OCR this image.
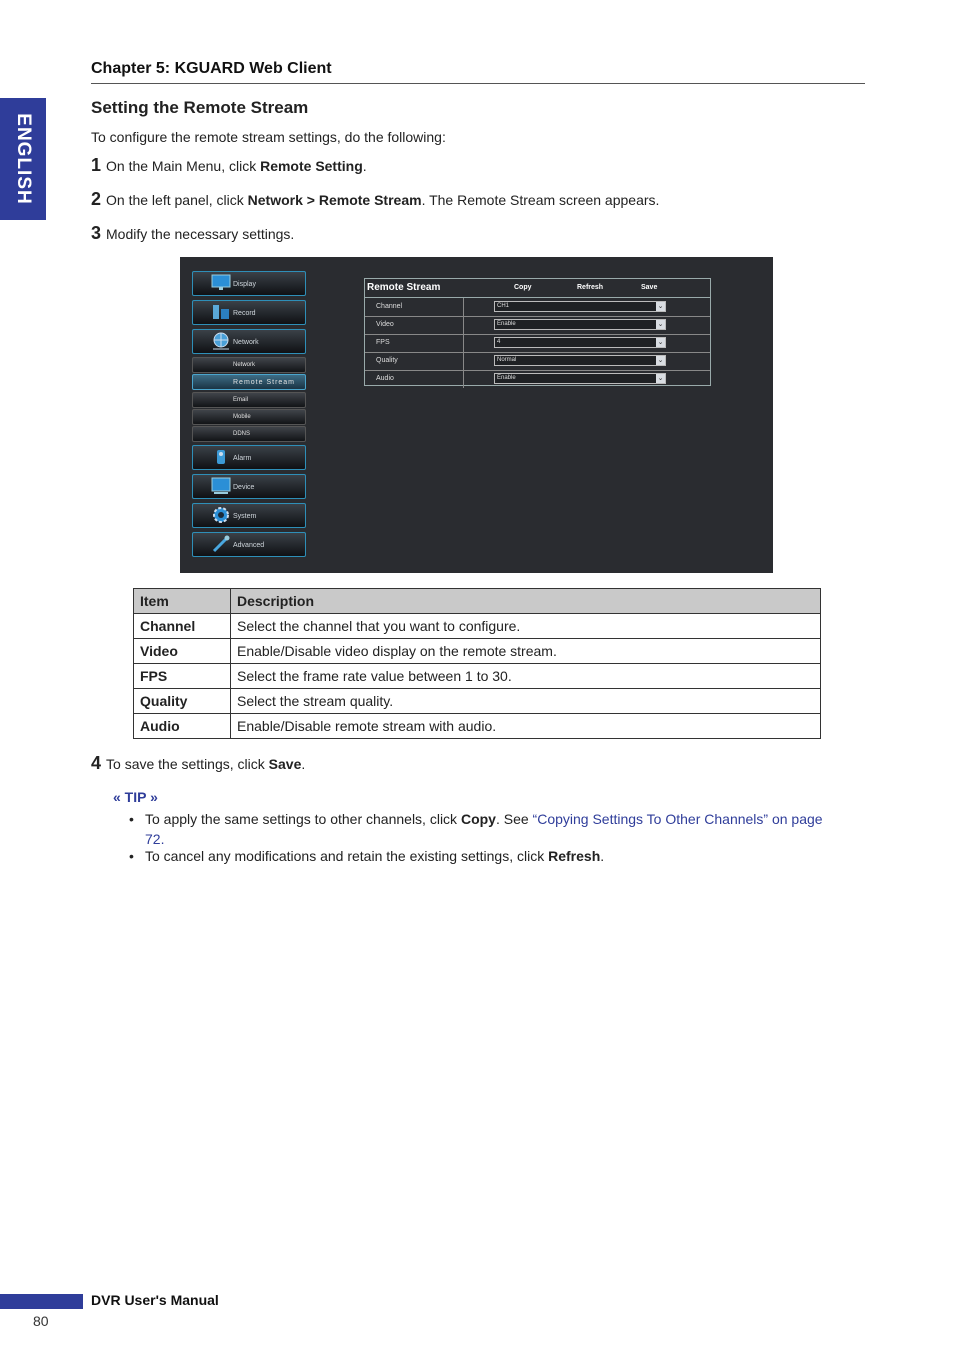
ENGLISH
Chapter 5: KGUARD Web Client
Setting the Remote Stream
To configure the remote stream settings, do the following:
1 On the Main Menu, click Remote Setting.
2 On the left panel, click Network > Remote Stream. The Remote Stream screen appears.
3 Modify the necessary settings.
Display
Record
Network
Network
Remote Stream
Email
Mobile
DDNS
Alarm
Device
System
Advanced
Remote Stream	Copy	Refresh	Save
Channel	CH1	⌄
Video	Enable	⌄
FPS	4	⌄
Quality	Normal	⌄
Audio	Enable	⌄
Item	Description
Channel	Select the channel that you want to configure.
Video	Enable/Disable video display on the remote stream.
FPS	Select the frame rate value between 1 to 30.
Quality	Select the stream quality.
Audio	Enable/Disable remote stream with audio.
4 To save the settings, click Save.
« TIP »
• To apply the same settings to other channels, click Copy. See “Copying Settings To Other Channels” on page
72.
• To cancel any modifications and retain the existing settings, click Refresh.
DVR User's Manual
80
